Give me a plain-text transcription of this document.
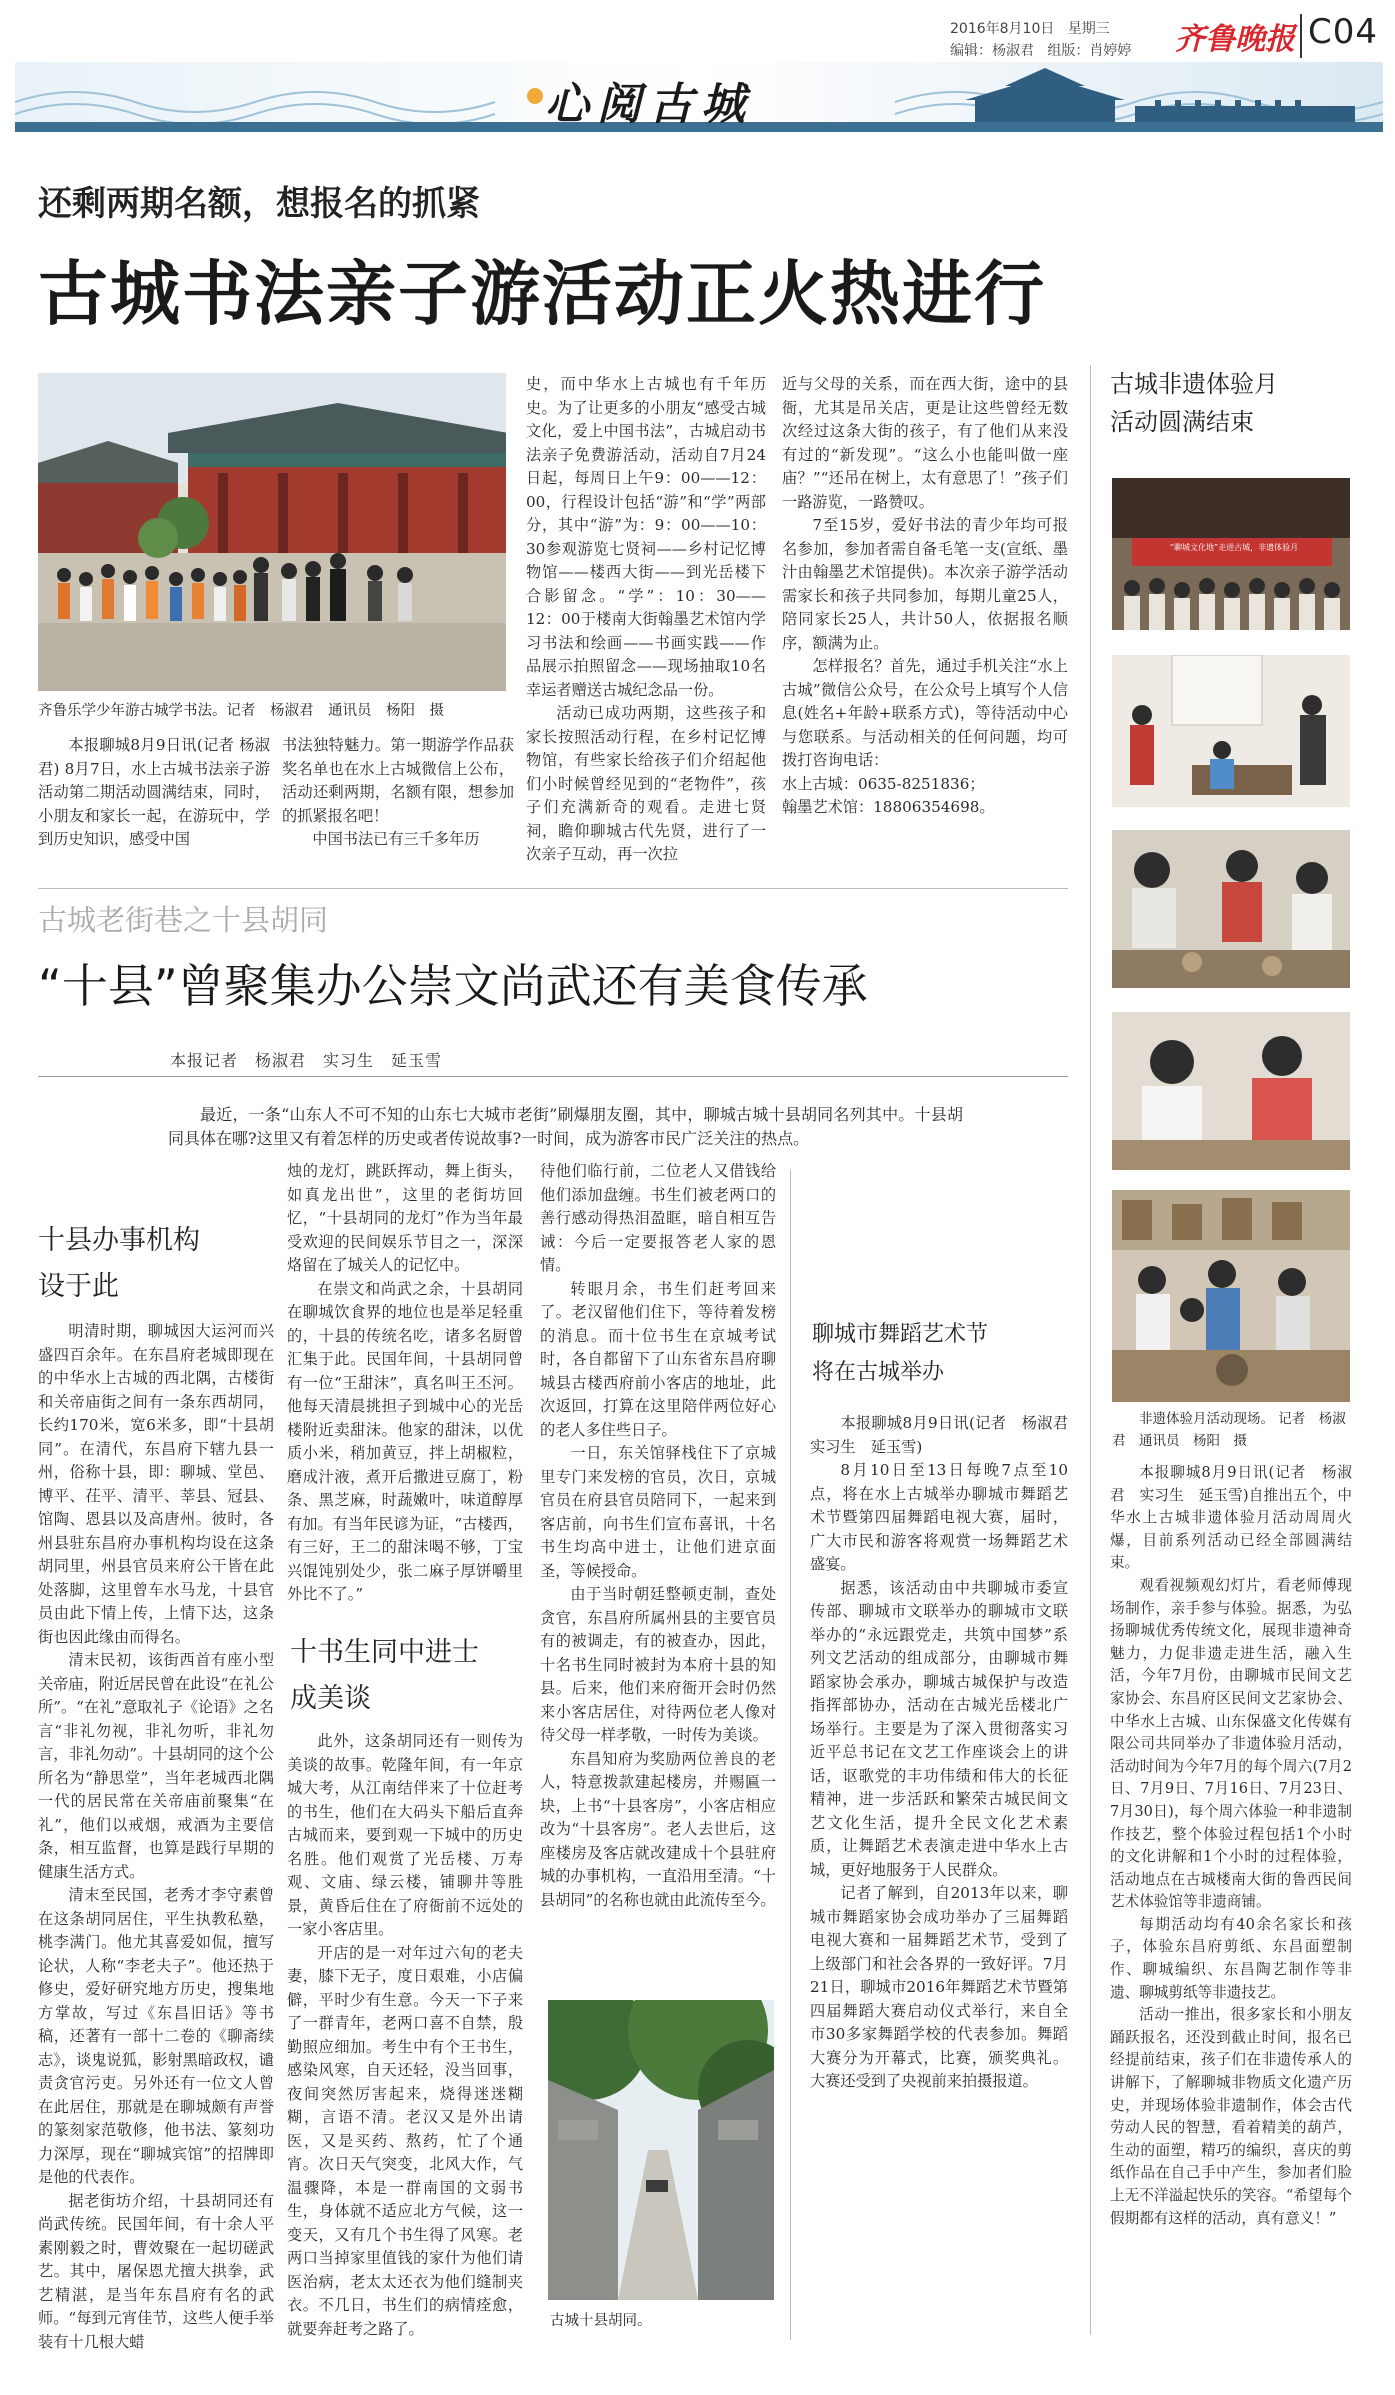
2016年8月10日 星期三
编辑：杨淑君 组版：肖婷婷 齐鲁晚报 C04
心阅古城
还剩两期名额，想报名的抓紧
古城书法亲子游活动正火热进行
齐鲁乐学少年游古城学书法。记者　杨淑君　通讯员　杨阳　摄

本报聊城8月9日讯(记者 杨淑君) 8月7日，水上古城书法亲子游活动第二期活动圆满结束，同时，小朋友和家长一起，在游玩中，学到历史知识，感受中国

书法独特魅力。第一期游学作品获奖名单也在水上古城微信上公布，活动还剩两期，名额有限，想参加的抓紧报名吧！

中国书法已有三千多年历

史，而中华水上古城也有千年历史。为了让更多的小朋友“感受古城文化，爱上中国书法”，古城启动书法亲子免费游活动，活动自7月24日起，每周日上午9：00——12：00，行程设计包括“游”和“学”两部分，其中“游”为：9：00——10：30参观游览七贤祠——乡村记忆博物馆——楼西大街——到光岳楼下合影留念。“学”：10：30——12：00于楼南大街翰墨艺术馆内学习书法和绘画——书画实践——作品展示拍照留念——现场抽取10名幸运者赠送古城纪念品一份。

活动已成功两期，这些孩子和家长按照活动行程，在乡村记忆博物馆，有些家长给孩子们介绍起他们小时候曾经见到的“老物件”，孩子们充满新奇的观看。走进七贤祠，瞻仰聊城古代先贤，进行了一次亲子互动，再一次拉

近与父母的关系，而在西大街，途中的县衙，尤其是吊关店，更是让这些曾经无数次经过这条大街的孩子，有了他们从来没有过的“新发现”。“这么小也能叫做一座庙？”“还吊在树上，太有意思了！”孩子们一路游览，一路赞叹。

7至15岁，爱好书法的青少年均可报名参加，参加者需自备毛笔一支(宣纸、墨汁由翰墨艺术馆提供)。本次亲子游学活动需家长和孩子共同参加，每期儿童25人，陪同家长25人，共计50人，依据报名顺序，额满为止。

怎样报名？首先，通过手机关注“水上古城”微信公众号，在公众号上填写个人信息(姓名+年龄+联系方式)，等待活动中心与您联系。与活动相关的任何问题，均可拨打咨询电话：

水上古城：0635-8251836；

翰墨艺术馆：18806354698。

古城非遗体验月
活动圆满结束
“聊城文化地”走进古城，非遗体验月
非遗体验月活动现场。 记者　杨淑君　通讯员　杨阳　摄

本报聊城8月9日讯(记者　杨淑君　实习生　延玉雪)自推出五个，中华水上古城非遗体验月活动周周火爆，目前系列活动已经全部圆满结束。

观看视频观幻灯片，看老师傅现场制作，亲手参与体验。据悉，为弘扬聊城优秀传统文化，展现非遗神奇魅力，力促非遗走进生活，融入生活，今年7月份，由聊城市民间文艺家协会、东昌府区民间文艺家协会、中华水上古城、山东保盛文化传媒有限公司共同举办了非遗体验月活动，活动时间为今年7月的每个周六(7月2日、7月9日、7月16日、7月23日、7月30日)，每个周六体验一种非遗制作技艺，整个体验过程包括1个小时的文化讲解和1个小时的过程体验，活动地点在古城楼南大街的鲁西民间艺术体验馆等非遗商铺。

每期活动均有40余名家长和孩子，体验东昌府剪纸、东昌面塑制作、聊城编织、东昌陶艺制作等非遗、聊城剪纸等非遗技艺。

活动一推出，很多家长和小朋友踊跃报名，还没到截止时间，报名已经提前结束，孩子们在非遗传承人的讲解下，了解聊城非物质文化遗产历史，并现场体验非遗制作，体会古代劳动人民的智慧，看着精美的葫芦，生动的面塑，精巧的编织，喜庆的剪纸作品在自己手中产生，参加者们脸上无不洋溢起快乐的笑容。“希望每个假期都有这样的活动，真有意义！”

古城老街巷之十县胡同
“十县”曾聚集办公崇文尚武还有美食传承
本报记者　杨淑君　实习生　延玉雪

最近，一条“山东人不可不知的山东七大城市老街”刷爆朋友圈，其中，聊城古城十县胡同名列其中。十县胡同具体在哪?这里又有着怎样的历史或者传说故事?一时间，成为游客市民广泛关注的热点。

十县办事机构
设于此

明清时期，聊城因大运河而兴盛四百余年。在东昌府老城即现在的中华水上古城的西北隅，古楼街和关帝庙街之间有一条东西胡同，长约170米，宽6米多，即“十县胡同”。在清代，东昌府下辖九县一州，俗称十县，即：聊城、堂邑、博平、茌平、清平、莘县、冠县、馆陶、恩县以及高唐州。彼时，各州县驻东昌府办事机构均设在这条胡同里，州县官员来府公干皆在此处落脚，这里曾车水马龙，十县官员由此下情上传，上情下达，这条街也因此缘由而得名。

清末民初，该街西首有座小型关帝庙，附近居民曾在此设“在礼公所”。“在礼”意取礼子《论语》之名言“非礼勿视，非礼勿听，非礼勿言，非礼勿动”。十县胡同的这个公所名为“静思堂”，当年老城西北隅一代的居民常在关帝庙前聚集“在礼”，他们以戒烟，戒酒为主要信条，相互监督，也算是践行早期的健康生活方式。

清末至民国，老秀才李守素曾在这条胡同居住，平生执教私塾，桃李满门。他尤其喜爱如侃，擅写论状，人称“李老夫子”。他还热于修史，爱好研究地方历史，搜集地方掌故，写过《东昌旧话》等书稿，还著有一部十二卷的《聊斋续志》，谈鬼说狐，影射黑暗政权，谴责贪官污吏。另外还有一位文人曾在此居住，那就是在聊城颇有声誉的篆刻家范敬修，他书法、篆刻功力深厚，现在“聊城宾馆”的招牌即是他的代表作。

据老街坊介绍，十县胡同还有尚武传统。民国年间，有十余人平素刚毅之时，曹效聚在一起切磋武艺。其中，屠保恩尤擅大拱拳，武艺精湛，是当年东昌府有名的武师。“每到元宵佳节，这些人便手举装有十几根大蜡

烛的龙灯，跳跃挥动，舞上街头，如真龙出世”，这里的老街坊回忆，“十县胡同的龙灯”作为当年最受欢迎的民间娱乐节目之一，深深烙留在了城关人的记忆中。

在崇文和尚武之余，十县胡同在聊城饮食界的地位也是举足轻重的，十县的传统名吃，诸多名厨曾汇集于此。民国年间，十县胡同曾有一位“王甜沫”，真名叫王丕河。他每天清晨挑担子到城中心的光岳楼附近卖甜沫。他家的甜沫，以优质小米，稍加黄豆，拌上胡椒粒，磨成汁液，煮开后撒进豆腐丁，粉条、黑芝麻，时蔬嫩叶，味道醇厚有加。有当年民谚为证，“古楼西，有三好，王二的甜沫喝不够，丁宝兴馄饨别处少，张二麻子厚饼嚼里外比不了。”

十书生同中进士
成美谈

此外，这条胡同还有一则传为美谈的故事。乾隆年间，有一年京城大考，从江南结伴来了十位赶考的书生，他们在大码头下船后直奔古城而来，要到观一下城中的历史名胜。他们观赏了光岳楼、万寿观、文庙、绿云楼，铺聊井等胜景，黄昏后住在了府衙前不远处的一家小客店里。

开店的是一对年过六旬的老夫妻，膝下无子，度日艰难，小店偏僻，平时少有生意。今天一下子来了一群青年，老两口喜不自禁，殷勤照应细加。考生中有个王书生，感染风寒，自天还轻，没当回事，夜间突然厉害起来，烧得迷迷糊糊，言语不清。老汉又是外出请医，又是买药、熬药，忙了个通宵。次日天气突变，北风大作，气温骤降，本是一群南国的文弱书生，身体就不适应北方气候，这一变天，又有几个书生得了风寒。老两口当掉家里值钱的家什为他们请医治病，老太太还衣为他们缝制夹衣。不几日，书生们的病情痊愈，就要奔赶考之路了。

待他们临行前，二位老人又借钱给他们添加盘缠。书生们被老两口的善行感动得热泪盈眶，暗自相互告诫：今后一定要报答老人家的恩情。

转眼月余，书生们赶考回来了。老汉留他们住下，等待着发榜的消息。而十位书生在京城考试时，各自都留下了山东省东昌府聊城县古楼西府前小客店的地址，此次返回，打算在这里陪伴两位好心的老人多住些日子。

一日，东关馆驿栈住下了京城里专门来发榜的官员，次日，京城官员在府县官员陪同下，一起来到客店前，向书生们宣布喜讯，十名书生均高中进士，让他们进京面圣，等候授命。

由于当时朝廷整顿吏制，查处贪官，东昌府所属州县的主要官员有的被调走，有的被查办，因此，十名书生同时被封为本府十县的知县。后来，他们来府衙开会时仍然来小客店居住，对待两位老人像对待父母一样孝敬，一时传为美谈。

东昌知府为奖励两位善良的老人，特意拨款建起楼房，并赐匾一块，上书“十县客房”，小客店相应改为“十县客房”。老人去世后，这座楼房及客店就改建成十个县驻府城的办事机构，一直沿用至清。“十县胡同”的名称也就由此流传至今。

古城十县胡同。
聊城市舞蹈艺术节
将在古城举办

本报聊城8月9日讯(记者　杨淑君　实习生　延玉雪)

8月10日至13日每晚7点至10点，将在水上古城举办聊城市舞蹈艺术节暨第四届舞蹈电视大赛，届时，广大市民和游客将观赏一场舞蹈艺术盛宴。

据悉，该活动由中共聊城市委宣传部、聊城市文联举办的聊城市文联举办的“永远跟党走，共筑中国梦”系列文艺活动的组成部分，由聊城市舞蹈家协会承办，聊城古城保护与改造指挥部协办，活动在古城光岳楼北广场举行。主要是为了深入贯彻落实习近平总书记在文艺工作座谈会上的讲话，讴歌党的丰功伟绩和伟大的长征精神，进一步活跃和繁荣古城民间文艺文化生活，提升全民文化艺术素质，让舞蹈艺术表演走进中华水上古城，更好地服务于人民群众。

记者了解到，自2013年以来，聊城市舞蹈家协会成功举办了三届舞蹈电视大赛和一届舞蹈艺术节，受到了上级部门和社会各界的一致好评。7月21日，聊城市2016年舞蹈艺术节暨第四届舞蹈大赛启动仪式举行，来自全市30多家舞蹈学校的代表参加。舞蹈大赛分为开幕式，比赛，颁奖典礼。大赛还受到了央视前来拍摄报道。
